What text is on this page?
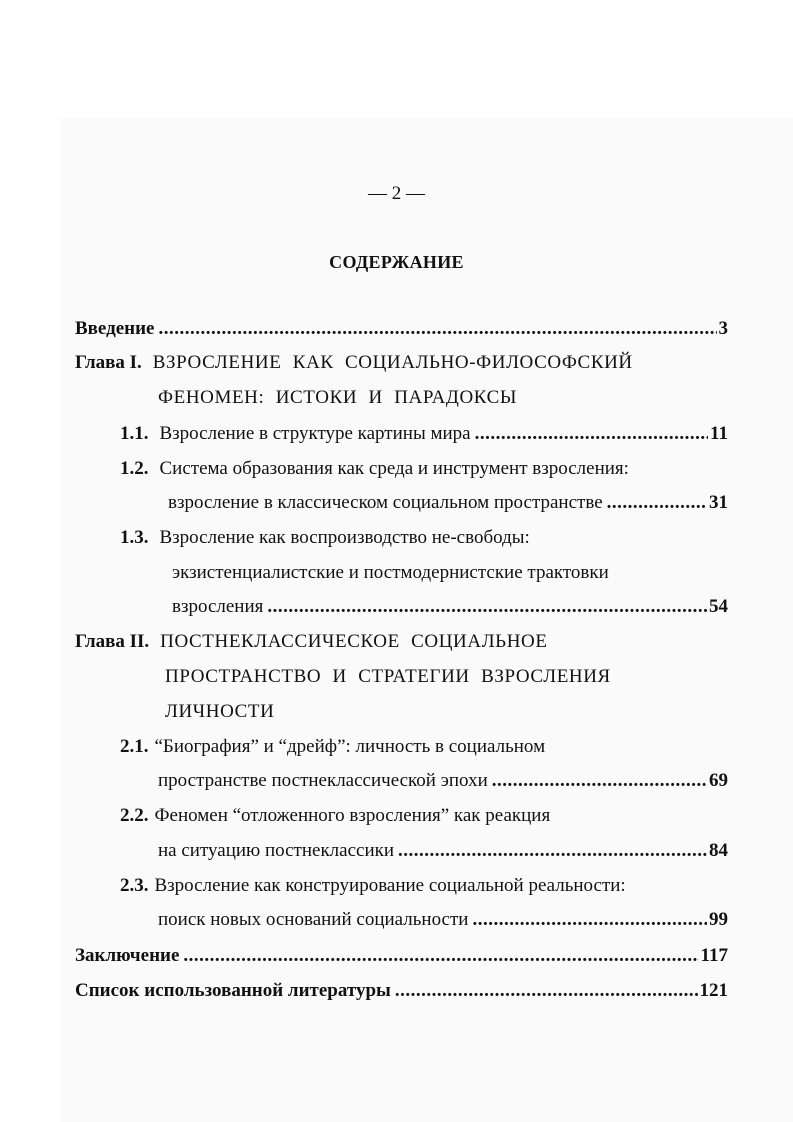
— 2 —
СОДЕРЖАНИЕ
Введение .....	3
Глава I. ВЗРОСЛЕНИЕ КАК СОЦИАЛЬНО-ФИЛОСОФСКИЙ
ФЕНОМЕН: ИСТОКИ И ПАРАДОКСЫ
1.1. Взросление в структуре картины мира .....	11
1.2. Система образования как среда и инструмент взросления:
взросление в классическом социальном пространстве .....	31
1.3. Взросление как воспроизводство не-свободы:
экзистенциалистские и постмодернистские трактовки
взросления .....	54
Глава II. ПОСТНЕКЛАССИЧЕСКОЕ СОЦИАЛЬНОЕ
ПРОСТРАНСТВО И СТРАТЕГИИ ВЗРОСЛЕНИЯ
ЛИЧНОСТИ
2.1. “Биография” и “дрейф”: личность в социальном
пространстве постнеклассической эпохи .....	69
2.2. Феномен “отложенного взросления” как реакция
на ситуацию постнеклассики .....	84
2.3. Взросление как конструирование социальной реальности:
поиск новых оснований социальности .....	99
Заключение .....	117
Список использованной литературы .....	121
